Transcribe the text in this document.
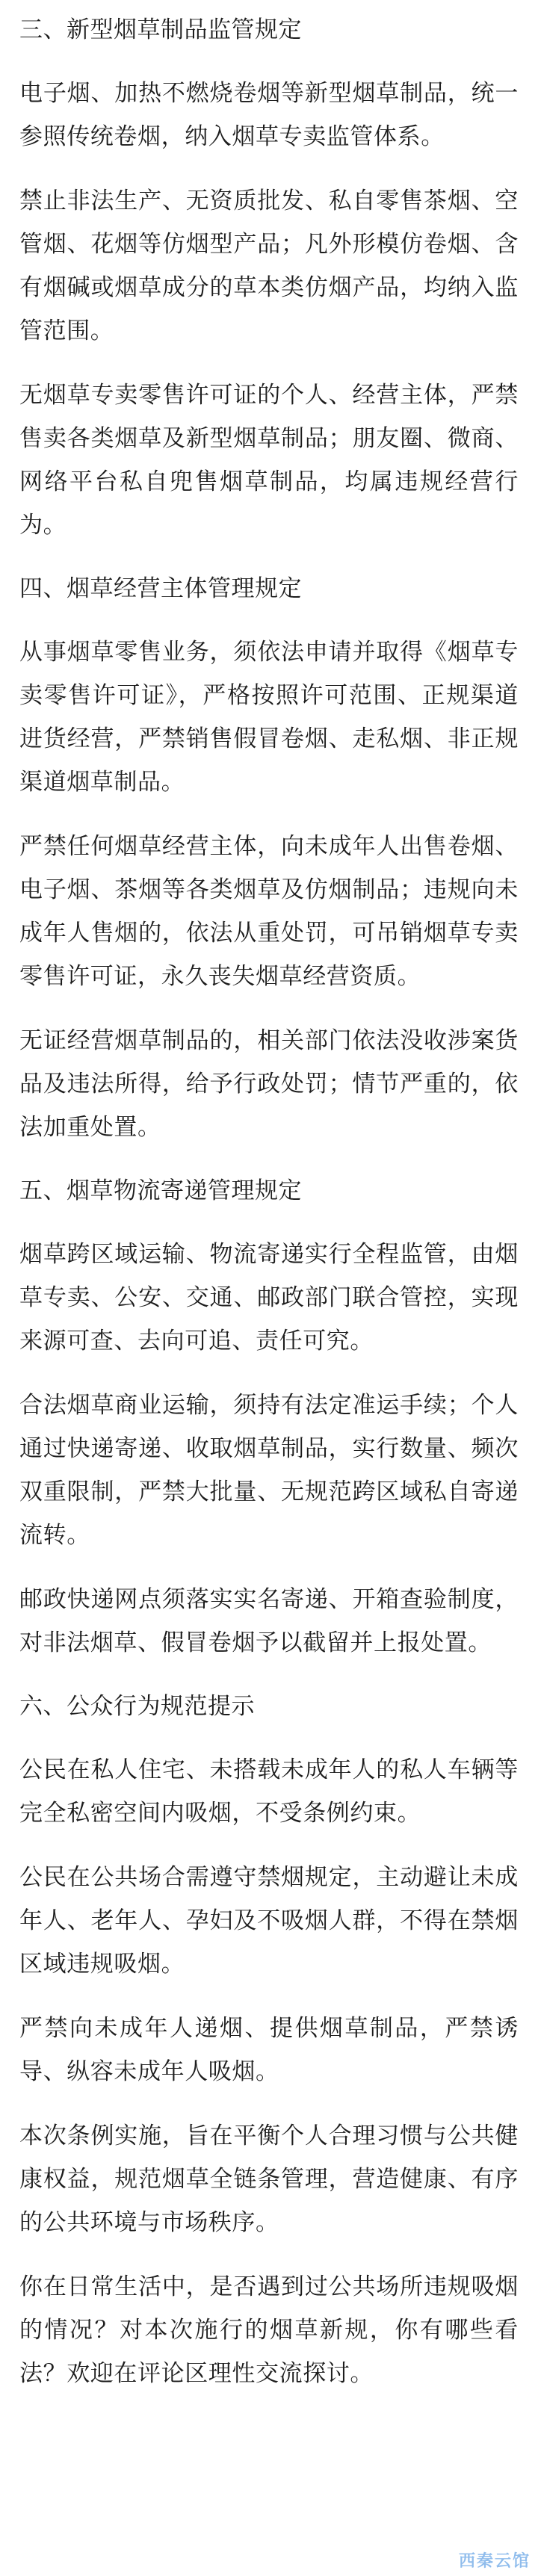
三、新型烟草制品监管规定
电子烟、加热不燃烧卷烟等新型烟草制品，统一参照传统卷烟，纳入烟草专卖监管体系。
禁止非法生产、无资质批发、私自零售茶烟、空管烟、花烟等仿烟型产品；凡外形模仿卷烟、含有烟碱或烟草成分的草本类仿烟产品，均纳入监管范围。
无烟草专卖零售许可证的个人、经营主体，严禁售卖各类烟草及新型烟草制品；朋友圈、微商、网络平台私自兜售烟草制品，均属违规经营行为。
四、烟草经营主体管理规定
从事烟草零售业务，须依法申请并取得《烟草专卖零售许可证》，严格按照许可范围、正规渠道进货经营，严禁销售假冒卷烟、走私烟、非正规渠道烟草制品。
严禁任何烟草经营主体，向未成年人出售卷烟、电子烟、茶烟等各类烟草及仿烟制品；违规向未成年人售烟的，依法从重处罚，可吊销烟草专卖零售许可证，永久丧失烟草经营资质。
无证经营烟草制品的，相关部门依法没收涉案货品及违法所得，给予行政处罚；情节严重的，依法加重处置。
五、烟草物流寄递管理规定
烟草跨区域运输、物流寄递实行全程监管，由烟草专卖、公安、交通、邮政部门联合管控，实现来源可查、去向可追、责任可究。
合法烟草商业运输，须持有法定准运手续；个人通过快递寄递、收取烟草制品，实行数量、频次双重限制，严禁大批量、无规范跨区域私自寄递流转。
邮政快递网点须落实实名寄递、开箱查验制度，对非法烟草、假冒卷烟予以截留并上报处置。
六、公众行为规范提示
公民在私人住宅、未搭载未成年人的私人车辆等完全私密空间内吸烟，不受条例约束。
公民在公共场合需遵守禁烟规定，主动避让未成年人、老年人、孕妇及不吸烟人群，不得在禁烟区域违规吸烟。
严禁向未成年人递烟、提供烟草制品，严禁诱导、纵容未成年人吸烟。
本次条例实施，旨在平衡个人合理习惯与公共健康权益，规范烟草全链条管理，营造健康、有序的公共环境与市场秩序。
你在日常生活中，是否遇到过公共场所违规吸烟的情况？对本次施行的烟草新规，你有哪些看法？欢迎在评论区理性交流探讨。
西秦云馆
